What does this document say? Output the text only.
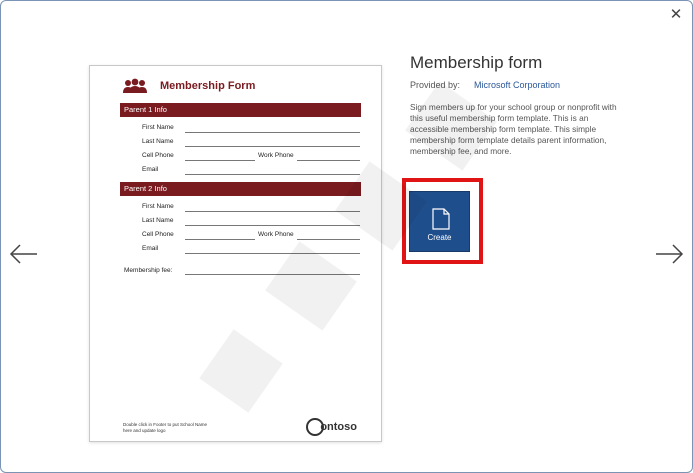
✕
Membership Form
Parent 1 Info
First Name
Last Name
Cell Phone	Work Phone
Email
Parent 2 Info
First Name
Last Name
Cell Phone	Work Phone
Email
Membership fee:
Double click in Footer to put School Name here and update logo	ontoso
Membership form
Provided by: Microsoft Corporation
Sign members up for your school group or nonprofit with this useful membership form template. This is an accessible membership form template. This simple membership form template details parent information, membership fee, and more.
Create
